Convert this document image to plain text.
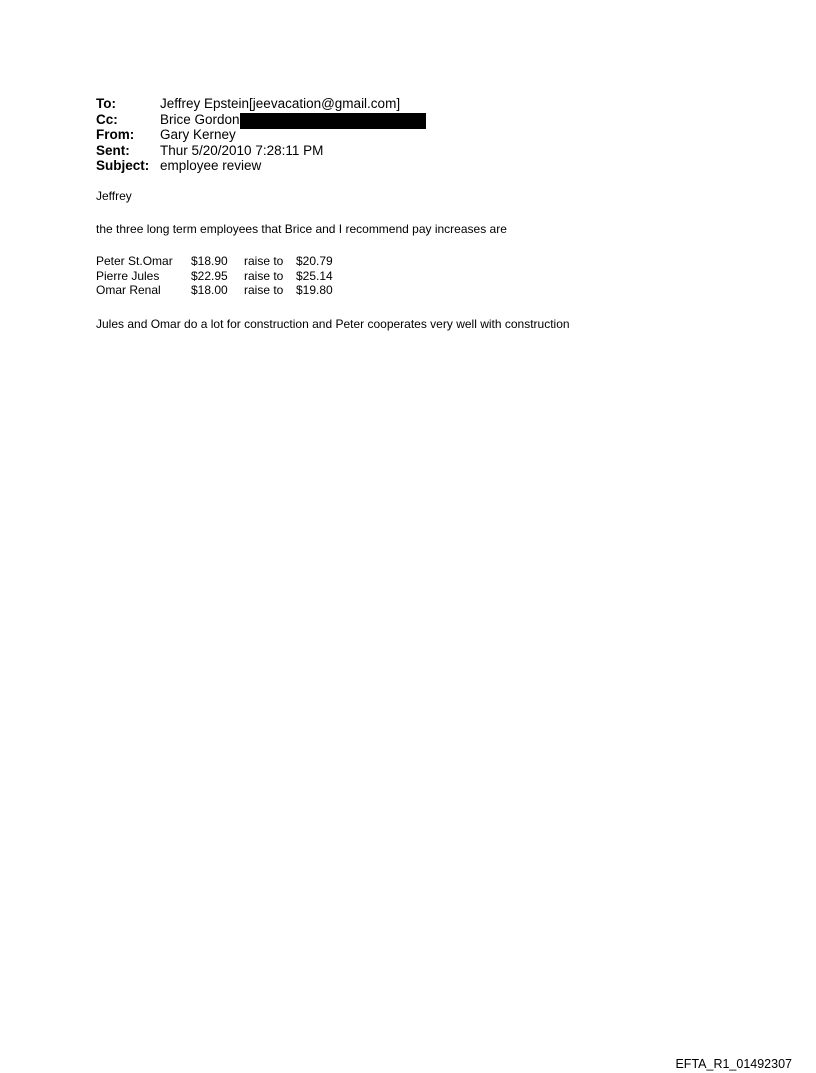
To:	Jeffrey Epstein[jeevacation@gmail.com]
Cc:	Brice Gordon
From:	Gary Kerney
Sent:	Thur 5/20/2010 7:28:11 PM
Subject: employee review
Jeffrey
the three long term employees that Brice and I recommend pay increases are
Peter St.Omar $18.90 raise to $20.79
Pierre Jules	$22.95 raise to $25.14
Omar Renal	$18.00 raise to $19.80
Jules and Omar do a lot for construction and Peter cooperates very well with construction
EFTA_R1_01492307
